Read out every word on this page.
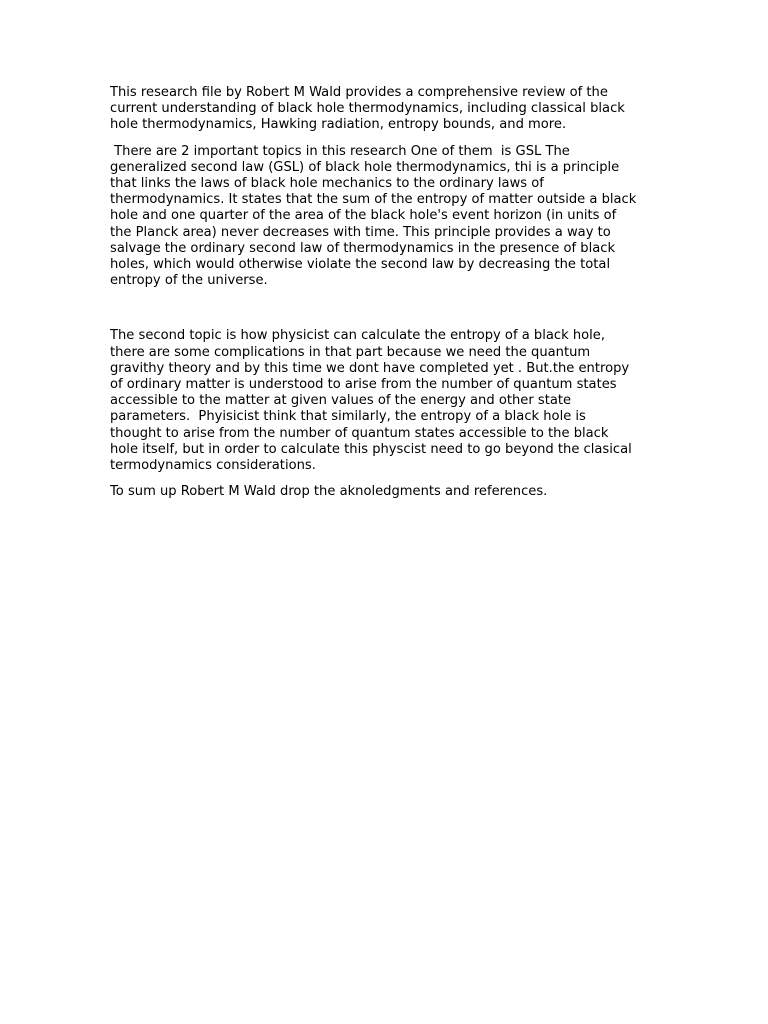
This research file by Robert M Wald provides a comprehensive review of the
current understanding of black hole thermodynamics, including classical black
hole thermodynamics, Hawking radiation, entropy bounds, and more.

There are 2 important topics in this research One of them  is GSL The
generalized second law (GSL) of black hole thermodynamics, thi is a principle
that links the laws of black hole mechanics to the ordinary laws of
thermodynamics. It states that the sum of the entropy of matter outside a black
hole and one quarter of the area of the black hole's event horizon (in units of
the Planck area) never decreases with time. This principle provides a way to
salvage the ordinary second law of thermodynamics in the presence of black
holes, which would otherwise violate the second law by decreasing the total
entropy of the universe.

The second topic is how physicist can calculate the entropy of a black hole,
there are some complications in that part because we need the quantum
gravithy theory and by this time we dont have completed yet . But.the entropy
of ordinary matter is understood to arise from the number of quantum states
accessible to the matter at given values of the energy and other state
parameters.  Phyisicist think that similarly, the entropy of a black hole is
thought to arise from the number of quantum states accessible to the black
hole itself, but in order to calculate this physcist need to go beyond the clasical
termodynamics considerations.

To sum up Robert M Wald drop the aknoledgments and references.
